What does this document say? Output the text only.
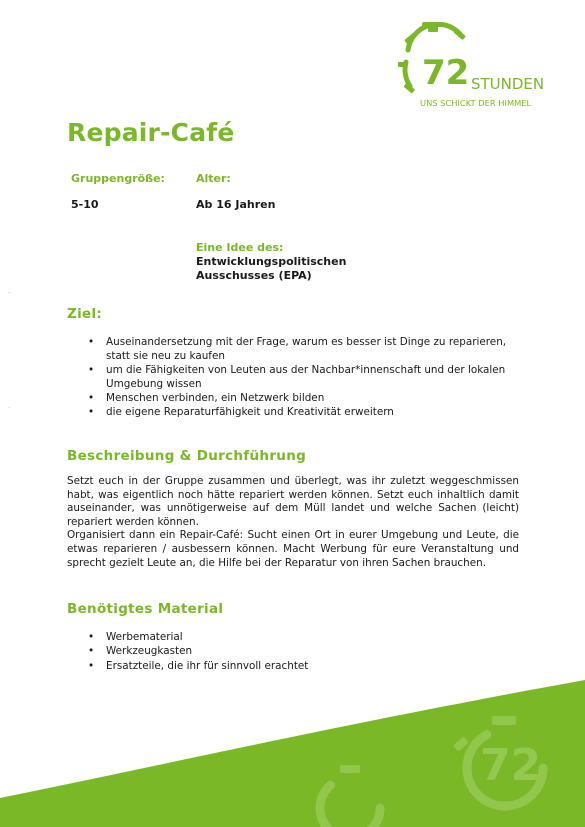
72 STUNDEN
UNS SCHICKT DER HIMMEL
Repair-Café
Gruppengröße:
5-10
Alter:
Ab 16 Jahren
Eine Idee des:
Entwicklungspolitischen
Ausschusses (EPA)
·
·
Ziel:
• Auseinandersetzung mit der Frage, warum es besser ist Dinge zu reparieren,
statt sie neu zu kaufen
• um die Fähigkeiten von Leuten aus der Nachbar*innenschaft und der lokalen
Umgebung wissen
• Menschen verbinden, ein Netzwerk bilden
• die eigene Reparaturfähigkeit und Kreativität erweitern
Beschreibung & Durchführung

Setzt euch in der Gruppe zusammen und überlegt, was ihr zuletzt weggeschmissen habt, was eigentlich noch hätte repariert werden können. Setzt euch inhaltlich damit auseinander, was unnötigerweise auf dem Müll landet und welche Sachen (leicht) repariert werden können.

Organisiert dann ein Repair-Café: Sucht einen Ort in eurer Umgebung und Leute, die etwas reparieren / ausbessern können. Macht Werbung für eure Veranstaltung und sprecht gezielt Leute an, die Hilfe bei der Reparatur von ihren Sachen brauchen.

Benötigtes Material
• Werbematerial
• Werkzeugkasten
• Ersatzteile, die ihr für sinnvoll erachtet
72
